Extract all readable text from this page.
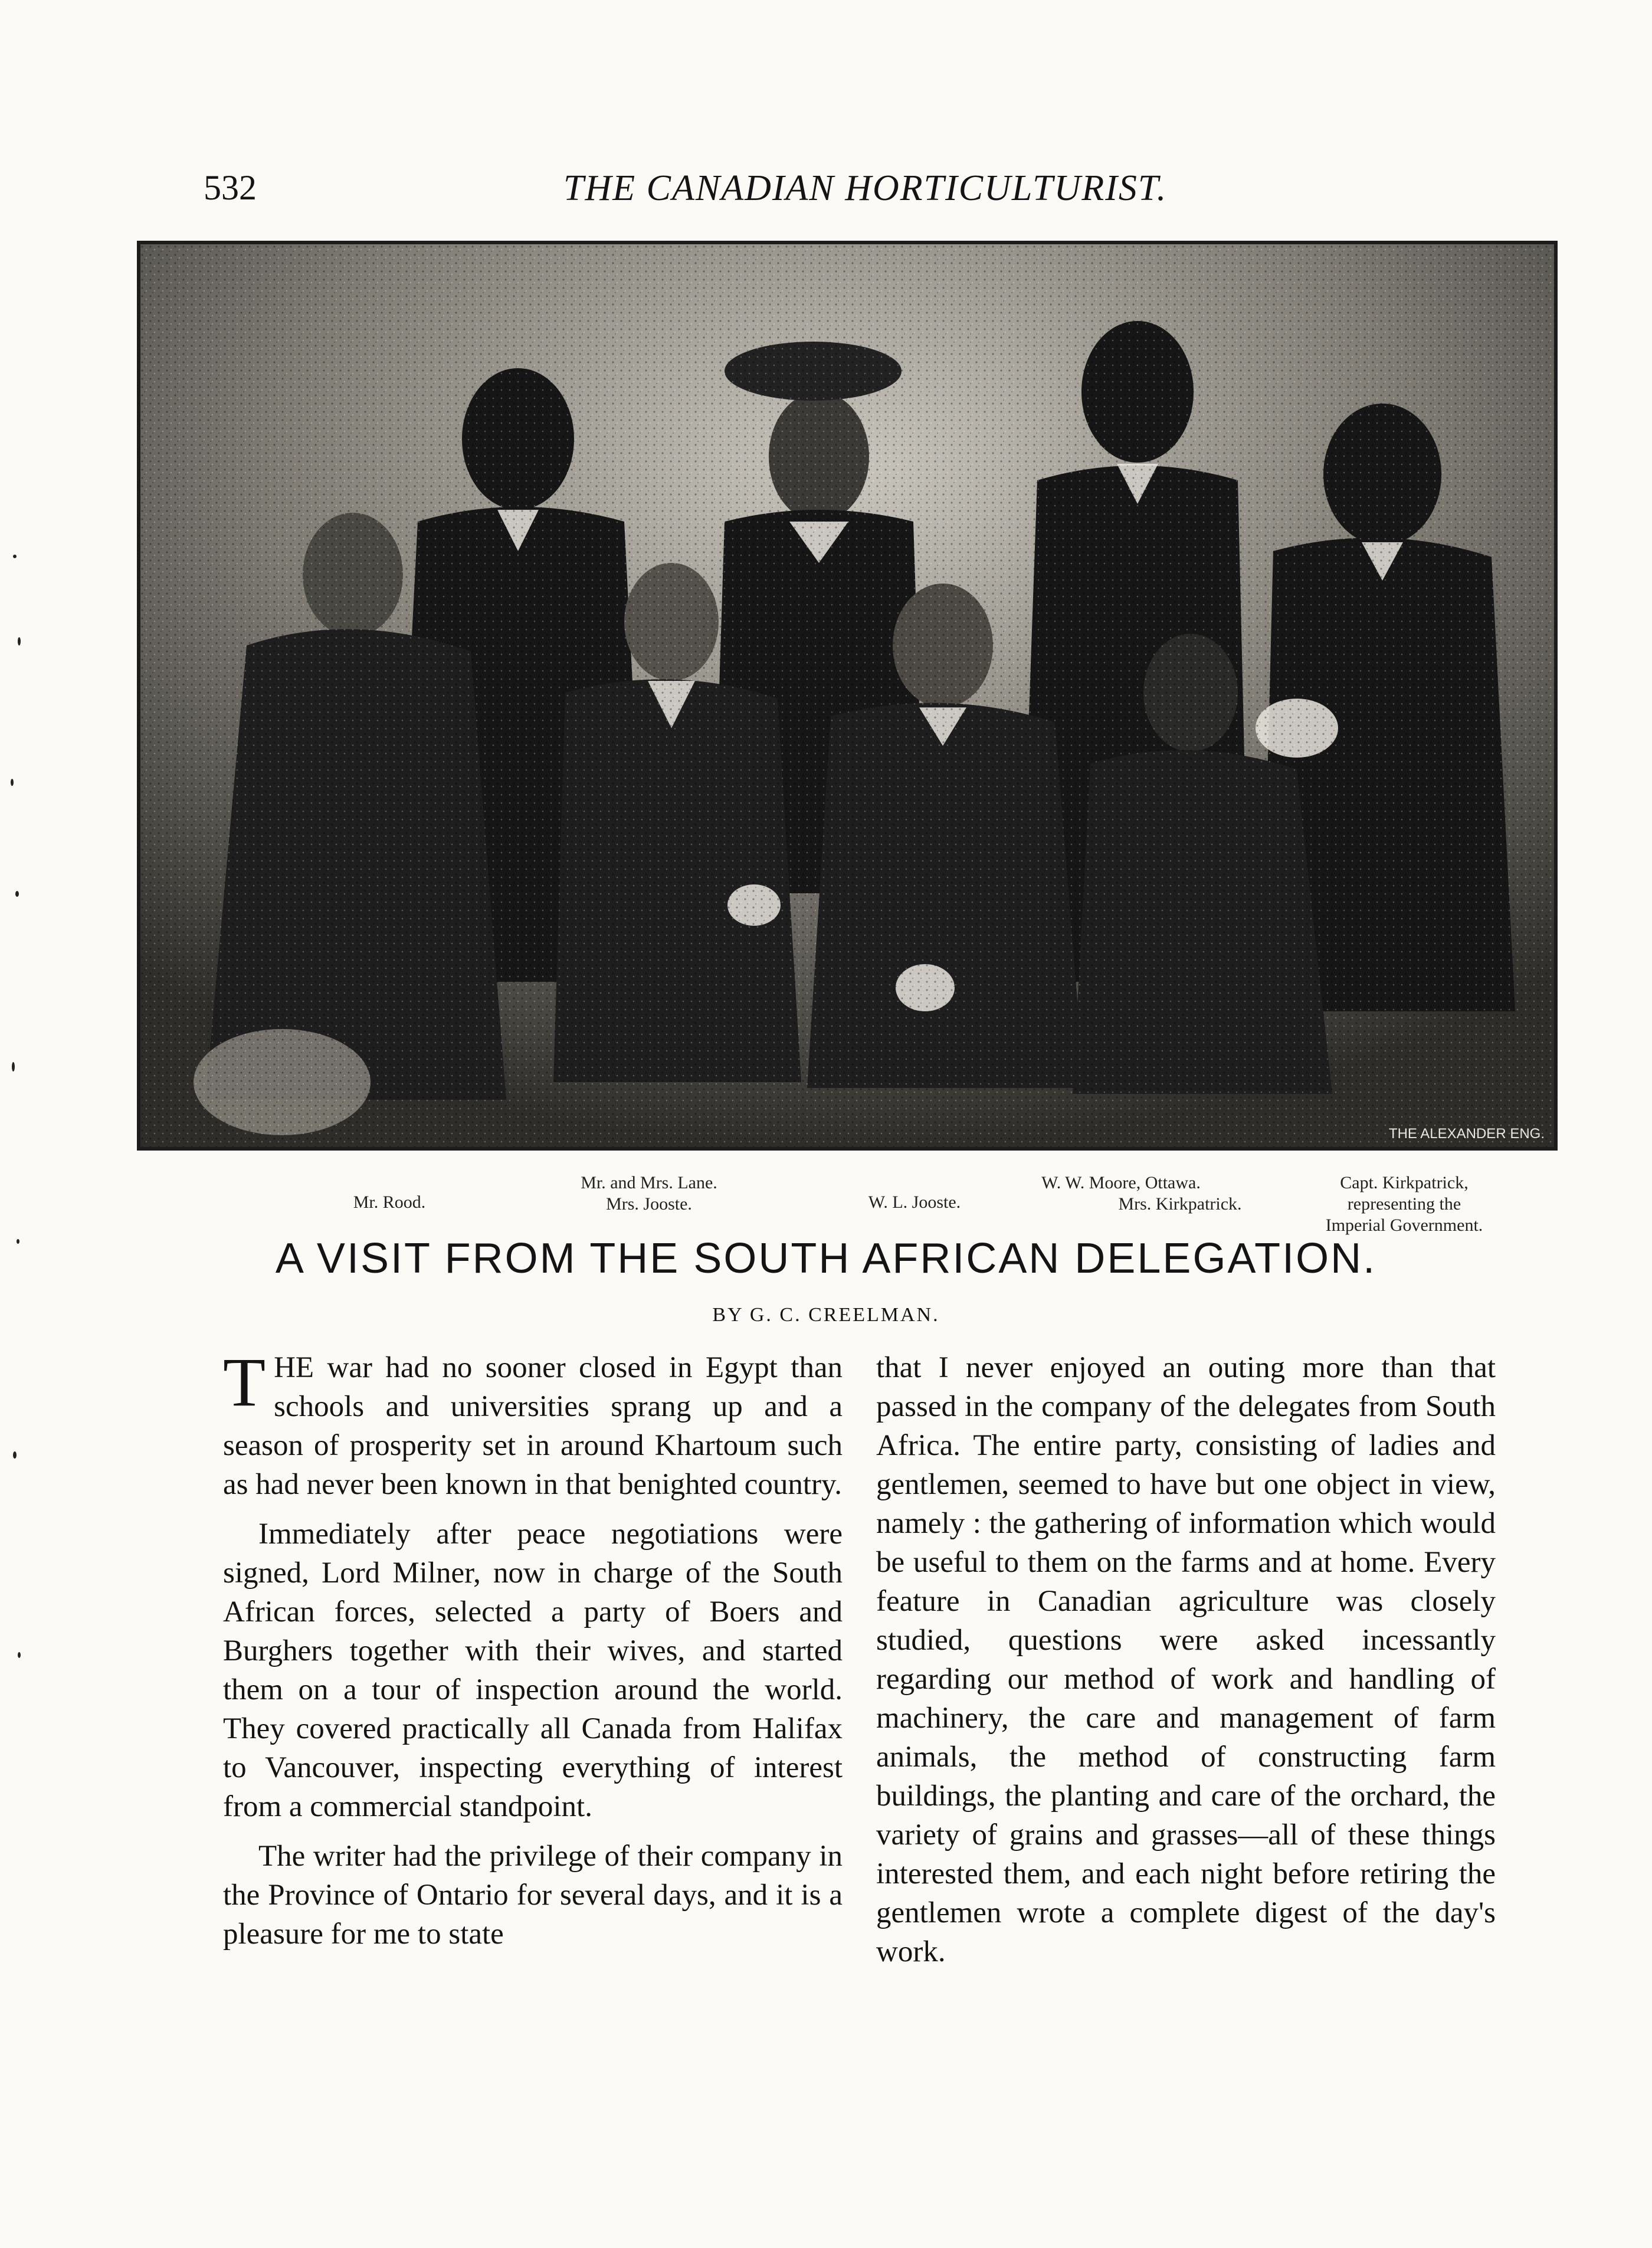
532	THE CANADIAN HORTICULTURIST.
THE ALEXANDER ENG.
Mr. Rood.
Mr. and Mrs. Lane.
Mrs. Jooste.	W. L. Jooste.
W. W. Moore, Ottawa.
Mrs. Kirkpatrick.
Capt. Kirkpatrick,
representing the
Imperial Government.
A VISIT FROM THE SOUTH AFRICAN DELEGATION.
BY G. C. CREELMAN.

THE war had no sooner closed in Egypt than schools and universities sprang up and a season of prosperity set in around Khartoum such as had never been known in that benighted country.

Immediately after peace negotiations were signed, Lord Milner, now in charge of the South African forces, selected a party of Boers and Burghers together with their wives, and started them on a tour of inspection around the world. They covered practically all Canada from Halifax to Vancouver, inspecting everything of interest from a commercial standpoint.

The writer had the privilege of their company in the Province of Ontario for several days, and it is a pleasure for me to state

that I never enjoyed an outing more than that passed in the company of the delegates from South Africa. The entire party, consisting of ladies and gentlemen, seemed to have but one object in view, namely : the gathering of information which would be useful to them on the farms and at home. Every feature in Canadian agriculture was closely studied, questions were asked incessantly regarding our method of work and handling of machinery, the care and management of farm animals, the method of constructing farm buildings, the planting and care of the orchard, the variety of grains and grasses—all of these things interested them, and each night before retiring the gentlemen wrote a complete digest of the day's work.
